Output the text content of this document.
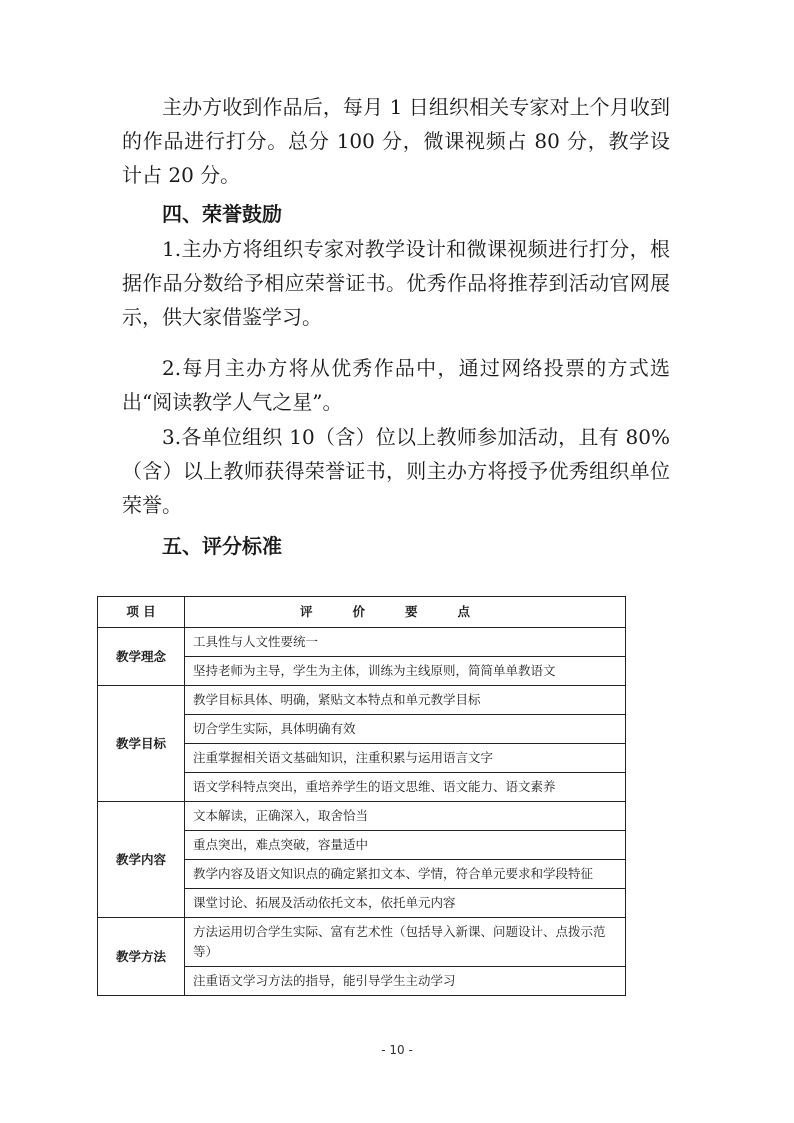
主办方收到作品后，每月 1 日组织相关专家对上个月收到的作品进行打分。总分 100 分，微课视频占 80 分，教学设计占 20 分。

四、荣誉鼓励

1.主办方将组织专家对教学设计和微课视频进行打分，根据作品分数给予相应荣誉证书。优秀作品将推荐到活动官网展示，供大家借鉴学习。

2.每月主办方将从优秀作品中，通过网络投票的方式选出“阅读教学人气之星”。

3.各单位组织 10（含）位以上教师参加活动，且有 80%（含）以上教师获得荣誉证书，则主办方将授予优秀组织单位荣誉。

五、评分标准
项 目	评价要点
教学理念	工具性与人文性要统一
	坚持老师为主导，学生为主体，训练为主线原则，简简单单教语文
教学目标	教学目标具体、明确，紧贴文本特点和单元教学目标
	切合学生实际，具体明确有效
	注重掌握相关语文基础知识，注重积累与运用语言文字
	语文学科特点突出，重培养学生的语文思维、语文能力、语文素养
教学内容	文本解读，正确深入，取舍恰当
	重点突出，难点突破，容量适中
	教学内容及语文知识点的确定紧扣文本、学情，符合单元要求和学段特征
	课堂讨论、拓展及活动依托文本，依托单元内容
教学方法	方法运用切合学生实际、富有艺术性（包括导入新课、问题设计、点拨示范等）
	注重语文学习方法的指导，能引导学生主动学习
- 10 -
